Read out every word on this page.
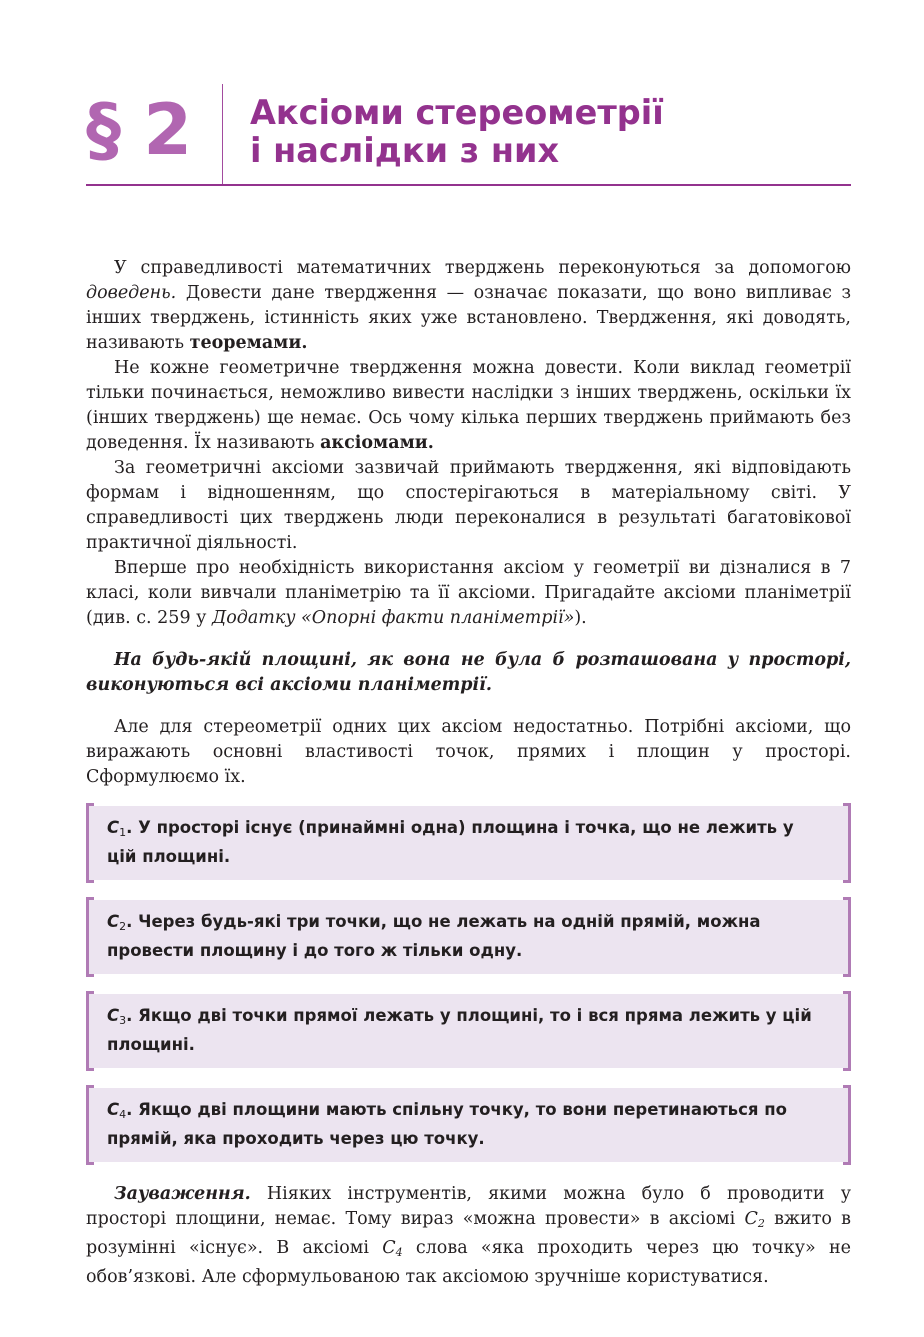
§ 2	Аксіоми стереометрії
і наслідки з них

У справедливості математичних тверджень переконуються за допомогою доведень. Довести дане твердження — означає показати, що воно випливає з інших тверджень, істинність яких уже встановлено. Твердження, які доводять, називають теоремами.

Не кожне геометричне твердження можна довести. Коли виклад геометрії тільки починається, неможливо вивести наслідки з інших тверджень, оскільки їх (інших тверджень) ще немає. Ось чому кілька перших тверджень приймають без доведення. Їх називають аксіомами.

За геометричні аксіоми зазвичай приймають твердження, які відповідають формам і відношенням, що спостерігаються в матеріальному світі. У справедливості цих тверджень люди переконалися в результаті багатовікової практичної діяльності.

Вперше про необхідність використання аксіом у геометрії ви дізналися в 7 класі, коли вивчали планіметрію та її аксіоми. Пригадайте аксіоми планіметрії (див. с. 259 у Додатку «Опорні факти планіметрії»).

На будь-якій площині, як вона не була б розташована у просторі, виконуються всі аксіоми планіметрії.

Але для стереометрії одних цих аксіом недостатньо. Потрібні аксіоми, що виражають основні властивості точок, прямих і площин у просторі. Сформулюємо їх.

$С_1$. У просторі існує (принаймні одна) площина і точка, що не лежить у цій площині.
$С_2$. Через будь-які три точки, що не лежать на одній прямій, можна провести площину і до того ж тільки одну.
$С_3$. Якщо дві точки прямої лежать у площині, то і вся пряма лежить у цій площині.
$С_4$. Якщо дві площини мають спільну точку, то вони перетинаються по прямій, яка проходить через цю точку.

Зауваження. Ніяких інструментів, якими можна було б проводити у просторі площини, немає. Тому вираз «можна провести» в аксіомі $C_2$ вжито в розумінні «існує». В аксіомі $C_4$ слова «яка проходить через цю точку» не обов’язкові. Але сформульованою так аксіомою зручніше користуватися.
